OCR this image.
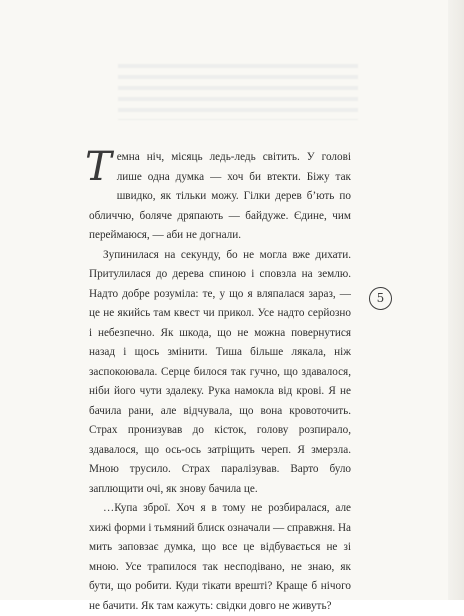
Темна ніч, місяць ледь-ледь світить. У голові лише одна думка — хоч би втекти. Біжу так швидко, як тільки можу. Гілки дерев б’ють по обличчю, боляче дряпають — байдуже. Єдине, чим переймаюся, — аби не догнали.

Зупинилася на секунду, бо не могла вже дихати. Притулилася до дерева спиною і сповзла на землю. Надто добре розуміла: те, у що я вляпалася зараз, — це не якийсь там квест чи прикол. Усе надто серйозно і небезпечно. Як шкода, що не можна повернутися назад і щось змінити. Тиша більше лякала, ніж заспокоювала. Серце билося так гучно, що здавалося, ніби його чути здалеку. Рука намокла від крові. Я не бачила рани, але відчувала, що вона кровоточить. Страх пронизував до кісток, голову розпирало, здавалося, що ось-ось затріщить череп. Я змерзла. Мною трусило. Страх паралізував. Варто було заплющити очі, як знову бачила це.

…Купа зброї. Хоч я в тому не розбиралася, але хижі форми і тьмяний блиск означали — справжня. На мить заповзає думка, що все це відбувається не зі мною. Усе трапилося так несподівано, не знаю, як бути, що робити. Куди тікати врешті? Краще б нічого не бачити. Як там кажуть: свідки довго не живуть?

5
